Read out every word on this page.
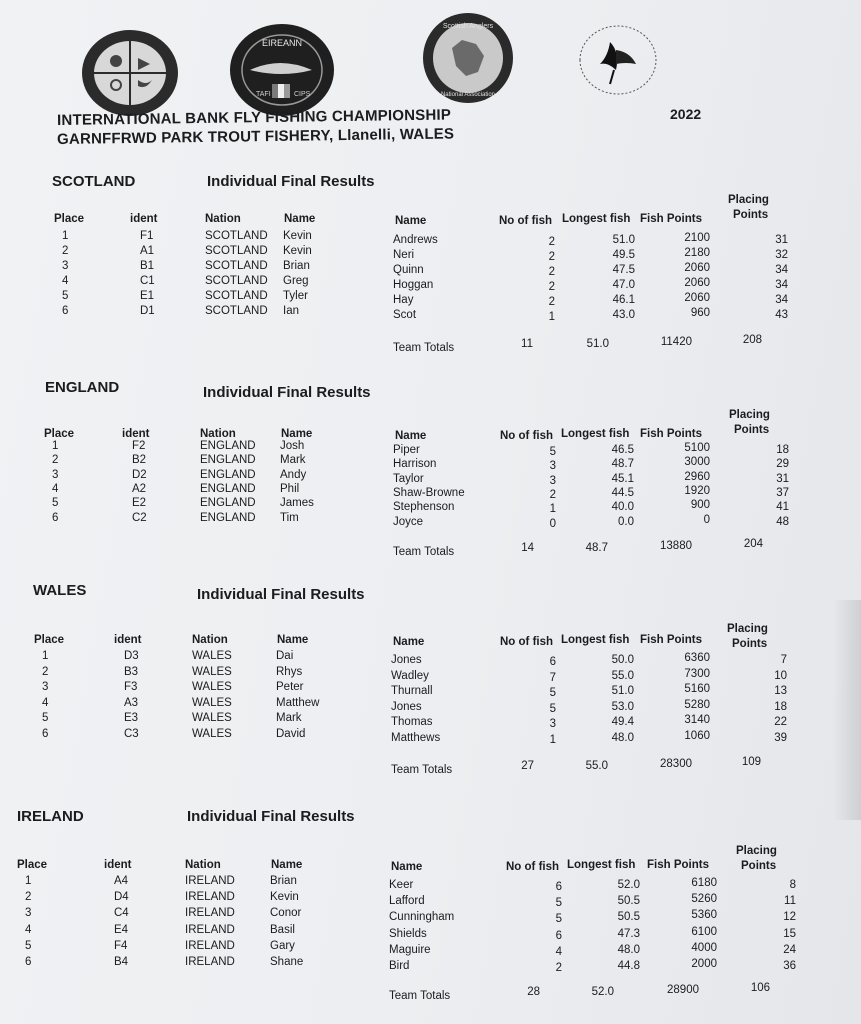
EIREANN
TAFI	CIPS
Scottish Anglers
National Association
INTERNATIONAL BANK FLY FISHING CHAMPIONSHIP
GARNFFRWD PARK TROUT FISHERY, Llanelli, WALES
2022
SCOTLAND	Individual Final Results
Place	ident	Nation	Name	Name	No of fish Longest fish Fish Points
Placing
Points
1	F1	SCOTLAND Kevin	Andrews	2	51.0	2100	31
2	A1	SCOTLAND Kevin	Neri	2	49.5	2180	32
3	B1	SCOTLAND Brian	Quinn	2	47.5	2060	34
4	C1	SCOTLAND Greg	Hoggan	2	47.0	2060	34
5	E1	SCOTLAND Tyler	Hay	2	46.1	2060	34
6	D1	SCOTLAND Ian	Scot	1	43.0	960	43
Team Totals	11	51.0	11420	208
ENGLAND	Individual Final Results
Place	ident	Nation	Name	Name	No of fish Longest fish Fish Points
Placing
Points
1	F2	ENGLAND Josh	Piper	5	46.5	5100	18
2	B2	ENGLAND Mark	Harrison	3	48.7	3000	29
3	D2	ENGLAND Andy	Taylor	3	45.1	2960	31
4	A2	ENGLAND Phil	Shaw-Browne	2	44.5	1920	37
5	E2	ENGLAND James	Stephenson	1	40.0	900	41
6	C2	ENGLAND Tim	Joyce	0	0.0	0	48
Team Totals	14	48.7	13880	204
WALES	Individual Final Results
Place	ident	Nation	Name	Name	No of fish Longest fish Fish Points
Placing
Points
1	D3	WALES	Dai	Jones	6	50.0	6360	7
2	B3	WALES	Rhys	Wadley	7	55.0	7300	10
3	F3	WALES	Peter	Thurnall	5	51.0	5160	13
4	A3	WALES	Matthew	Jones	5	53.0	5280	18
5	E3	WALES	Mark	Thomas	3	49.4	3140	22
6	C3	WALES	David	Matthews	1	48.0	1060	39
Team Totals	27	55.0	28300	109
IRELAND	Individual Final Results
Place	ident	Nation	Name	Name	No of fish Longest fish Fish Points
Placing
Points
1	A4	IRELAND	Brian	Keer	6	52.0	6180	8
2	D4	IRELAND	Kevin	Lafford	5	50.5	5260	11
3	C4	IRELAND	Conor	Cunningham	5	50.5	5360	12
4	E4	IRELAND	Basil	Shields	6	47.3	6100	15
5	F4	IRELAND	Gary	Maguire	4	48.0	4000	24
6	B4	IRELAND	Shane	Bird	2	44.8	2000	36
Team Totals	28	52.0	28900	106
